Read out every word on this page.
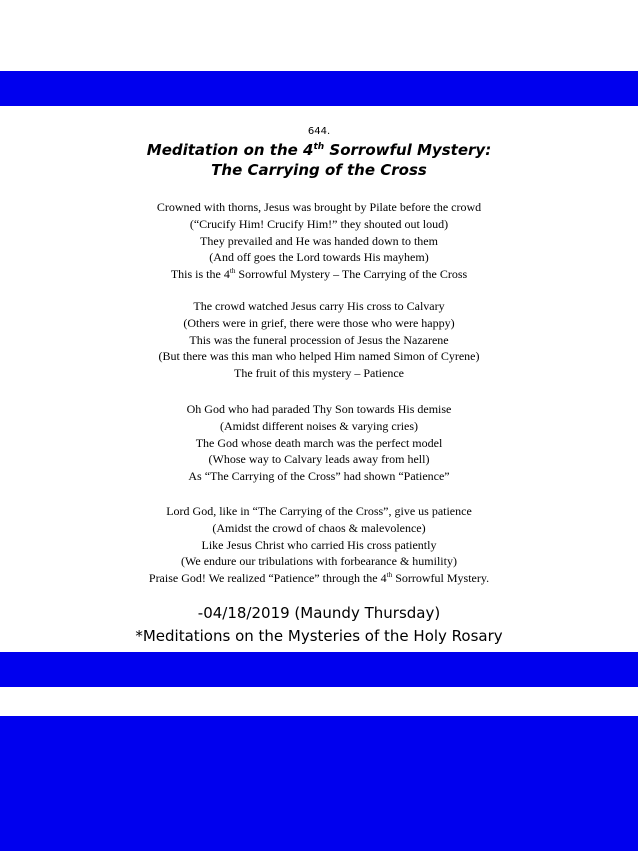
644.
Meditation on the 4th Sorrowful Mystery:
The Carrying of the Cross
Crowned with thorns, Jesus was brought by Pilate before the crowd
(“Crucify Him! Crucify Him!” they shouted out loud)
They prevailed and He was handed down to them
(And off goes the Lord towards His mayhem)
This is the 4th Sorrowful Mystery – The Carrying of the Cross
The crowd watched Jesus carry His cross to Calvary
(Others were in grief, there were those who were happy)
This was the funeral procession of Jesus the Nazarene
(But there was this man who helped Him named Simon of Cyrene)
The fruit of this mystery – Patience
Oh God who had paraded Thy Son towards His demise
(Amidst different noises & varying cries)
The God whose death march was the perfect model
(Whose way to Calvary leads away from hell)
As “The Carrying of the Cross” had shown “Patience”
Lord God, like in “The Carrying of the Cross”, give us patience
(Amidst the crowd of chaos & malevolence)
Like Jesus Christ who carried His cross patiently
(We endure our tribulations with forbearance & humility)
Praise God! We realized “Patience” through the 4th Sorrowful Mystery.
-04/18/2019 (Maundy Thursday)
*Meditations on the Mysteries of the Holy Rosary
